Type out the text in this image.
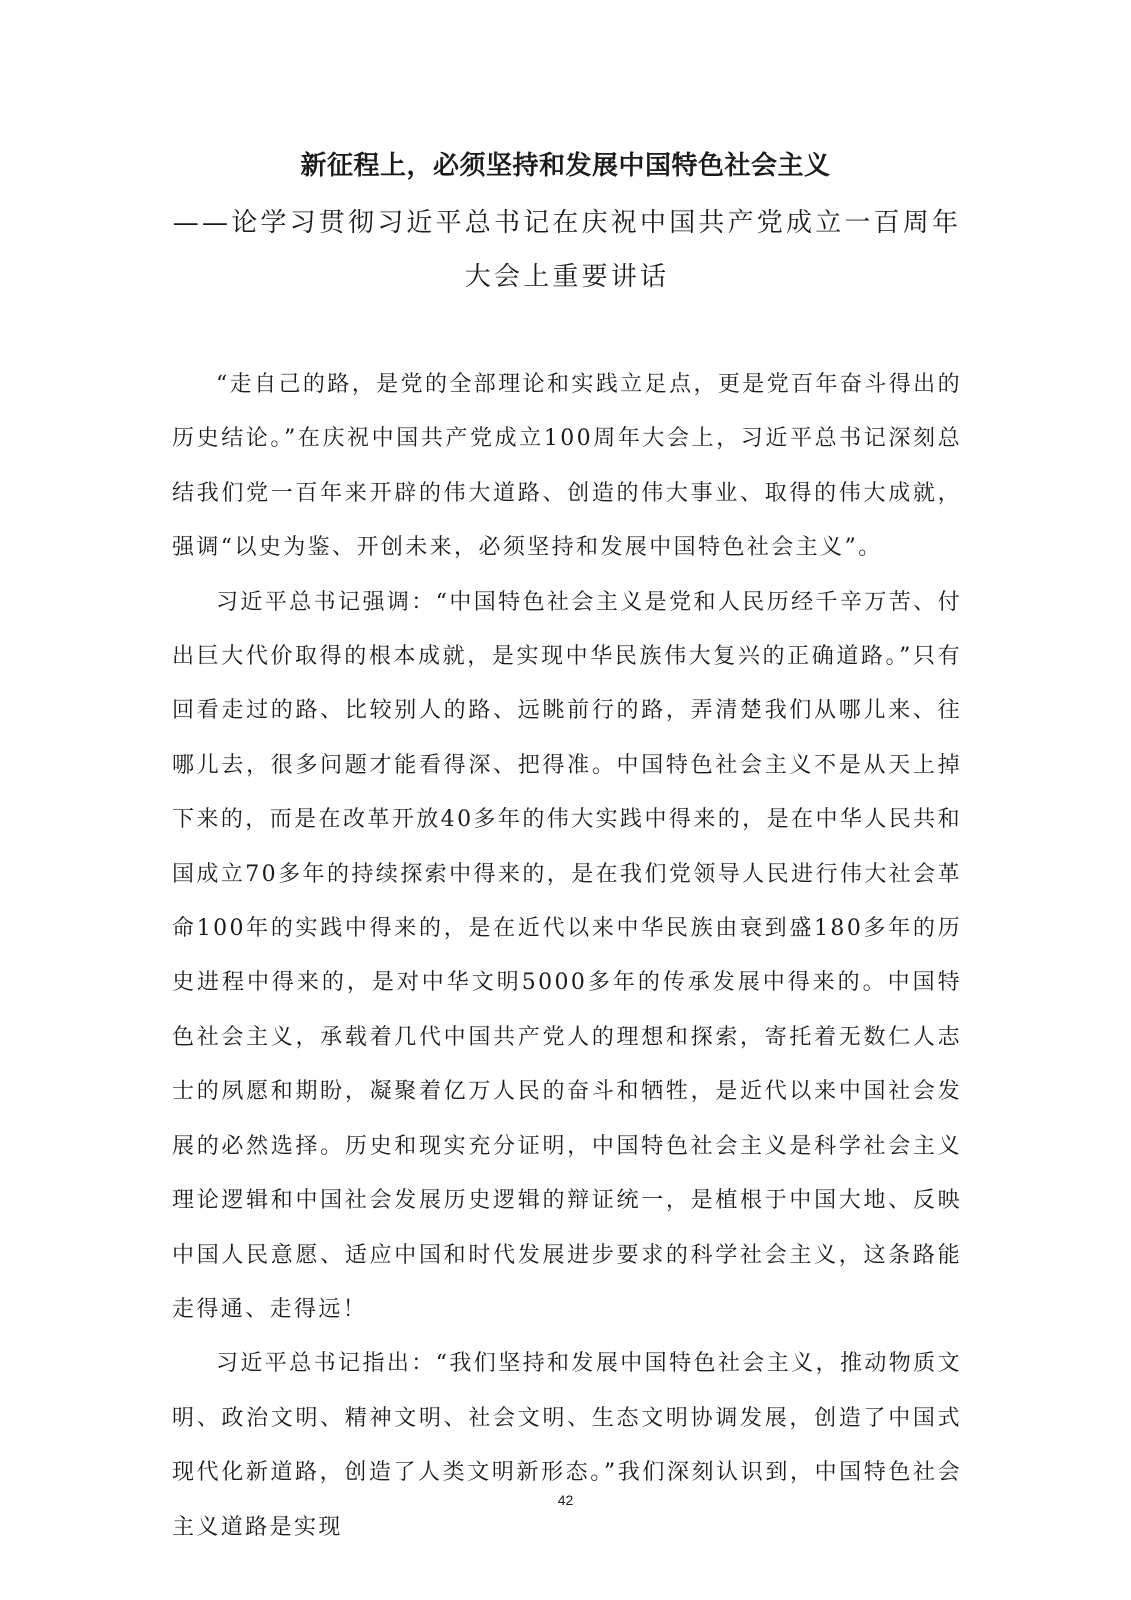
新征程上，必须坚持和发展中国特色社会主义
——论学习贯彻习近平总书记在庆祝中国共产党成立一百周年大会上重要讲话

“走自己的路，是党的全部理论和实践立足点，更是党百年奋斗得出的历史结论。”在庆祝中国共产党成立100周年大会上，习近平总书记深刻总结我们党一百年来开辟的伟大道路、创造的伟大事业、取得的伟大成就，强调“以史为鉴、开创未来，必须坚持和发展中国特色社会主义”。

习近平总书记强调：“中国特色社会主义是党和人民历经千辛万苦、付出巨大代价取得的根本成就，是实现中华民族伟大复兴的正确道路。”只有回看走过的路、比较别人的路、远眺前行的路，弄清楚我们从哪儿来、往哪儿去，很多问题才能看得深、把得准。中国特色社会主义不是从天上掉下来的，而是在改革开放40多年的伟大实践中得来的，是在中华人民共和国成立70多年的持续探索中得来的，是在我们党领导人民进行伟大社会革命100年的实践中得来的，是在近代以来中华民族由衰到盛180多年的历史进程中得来的，是对中华文明5000多年的传承发展中得来的。中国特色社会主义，承载着几代中国共产党人的理想和探索，寄托着无数仁人志士的夙愿和期盼，凝聚着亿万人民的奋斗和牺牲，是近代以来中国社会发展的必然选择。历史和现实充分证明，中国特色社会主义是科学社会主义理论逻辑和中国社会发展历史逻辑的辩证统一，是植根于中国大地、反映中国人民意愿、适应中国和时代发展进步要求的科学社会主义，这条路能走得通、走得远！

习近平总书记指出：“我们坚持和发展中国特色社会主义，推动物质文明、政治文明、精神文明、社会文明、生态文明协调发展，创造了中国式现代化新道路，创造了人类文明新形态。”我们深刻认识到，中国特色社会主义道路是实现

42
